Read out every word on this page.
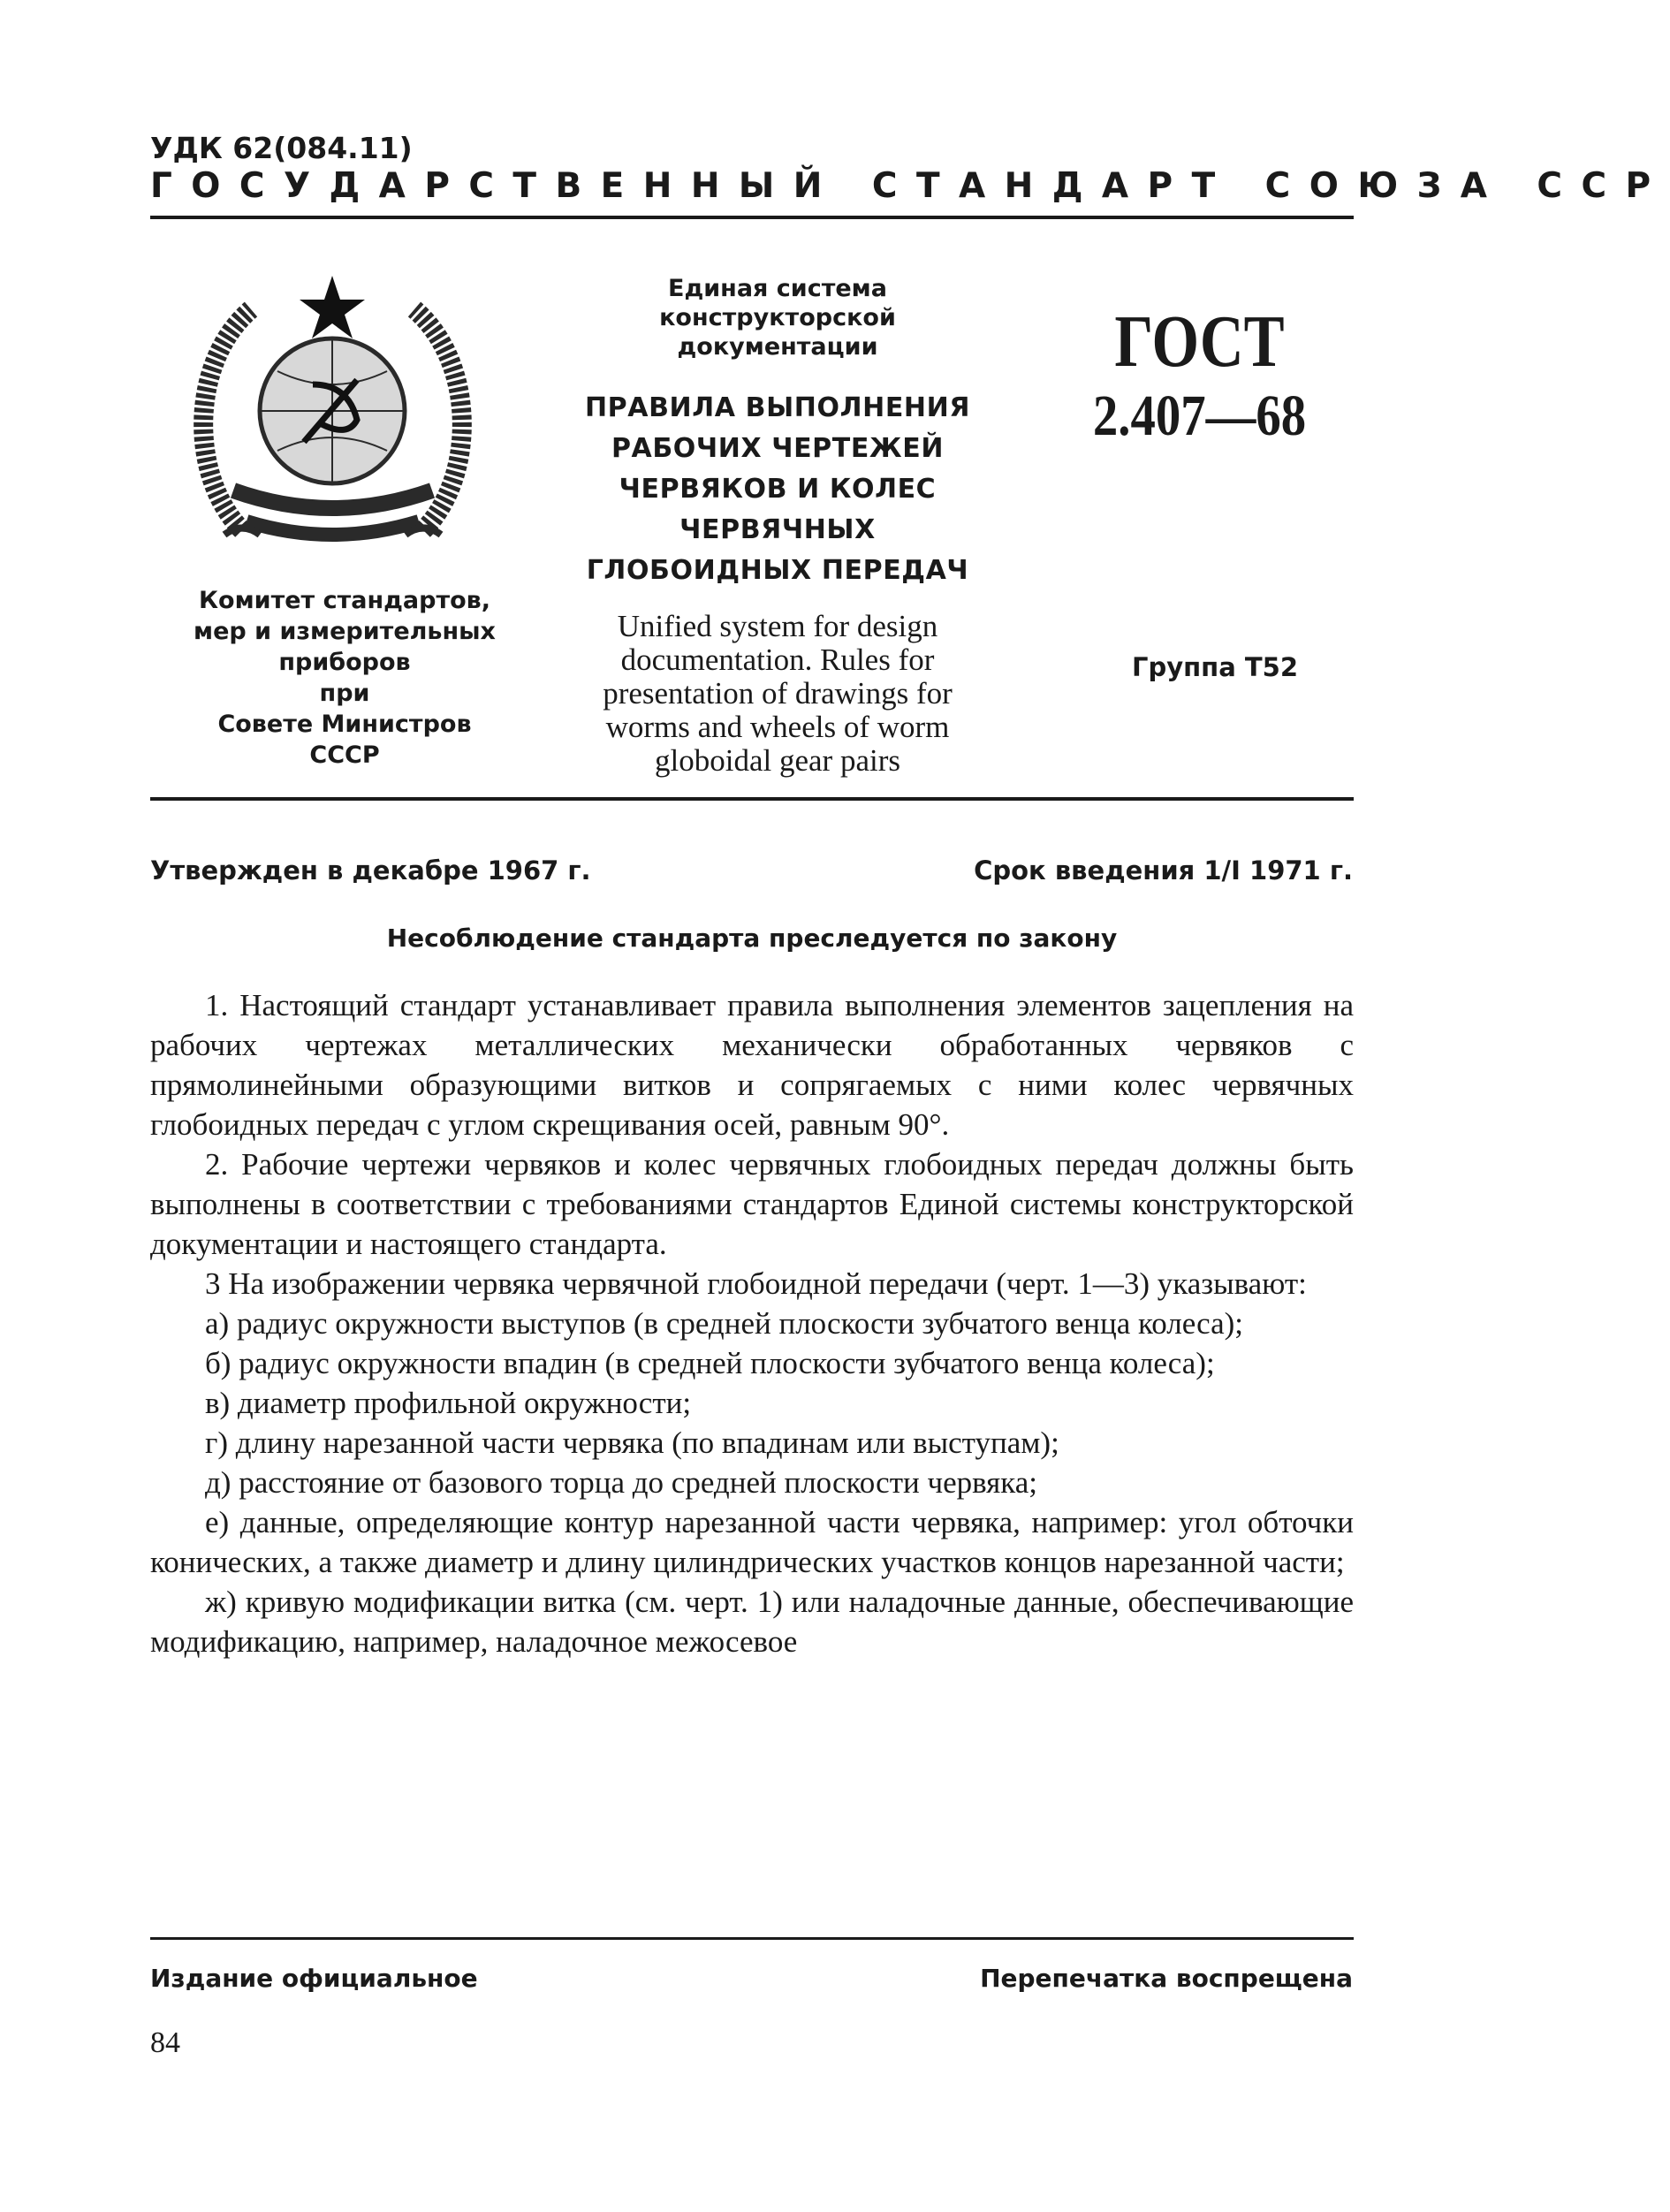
УДК 62(084.11)
ГОСУДАРСТВЕННЫЙ СТАНДАРТ СОЮЗА ССР
Комитет стандартов,
мер и измерительных
приборов
при
Совете Министров
СССР

Единая система

конструкторской

документации

ПРАВИЛА ВЫПОЛНЕНИЯ

РАБОЧИХ ЧЕРТЕЖЕЙ

ЧЕРВЯКОВ И КОЛЕС

ЧЕРВЯЧНЫХ

ГЛОБОИДНЫХ ПЕРЕДАЧ

Unified system for design
documentation. Rules for
presentation of drawings for
worms and wheels of worm
globoidal gear pairs
ГОСТ
2.407—68
Группа Т52
Утвержден в декабре 1967 г.	Срок введения 1/I 1971 г.
Несоблюдение стандарта преследуется по закону

1. Настоящий стандарт устанавливает правила выполнения элементов зацепления на рабочих чертежах металлических механически обработанных червяков с прямолинейными образующими витков и сопрягаемых с ними колес червячных глобоидных передач с углом скрещивания осей, равным 90°.

2. Рабочие чертежи червяков и колес червячных глобоидных передач должны быть выполнены в соответствии с требованиями стандартов Единой системы конструкторской документации и настоящего стандарта.

3 На изображении червяка червячной глобоидной передачи (черт. 1—3) указывают:

а) радиус окружности выступов (в средней плоскости зубчатого венца колеса);

б) радиус окружности впадин (в средней плоскости зубчатого венца колеса);

в) диаметр профильной окружности;

г) длину нарезанной части червяка (по впадинам или выступам);

д) расстояние от базового торца до средней плоскости червяка;

е) данные, определяющие контур нарезанной части червяка, например: угол обточки конических, а также диаметр и длину цилиндрических участков концов нарезанной части;

ж) кривую модификации витка (см. черт. 1) или наладочные данные, обеспечивающие модификацию, например, наладочное межосевое

Издание официальное	Перепечатка воспрещена
84
